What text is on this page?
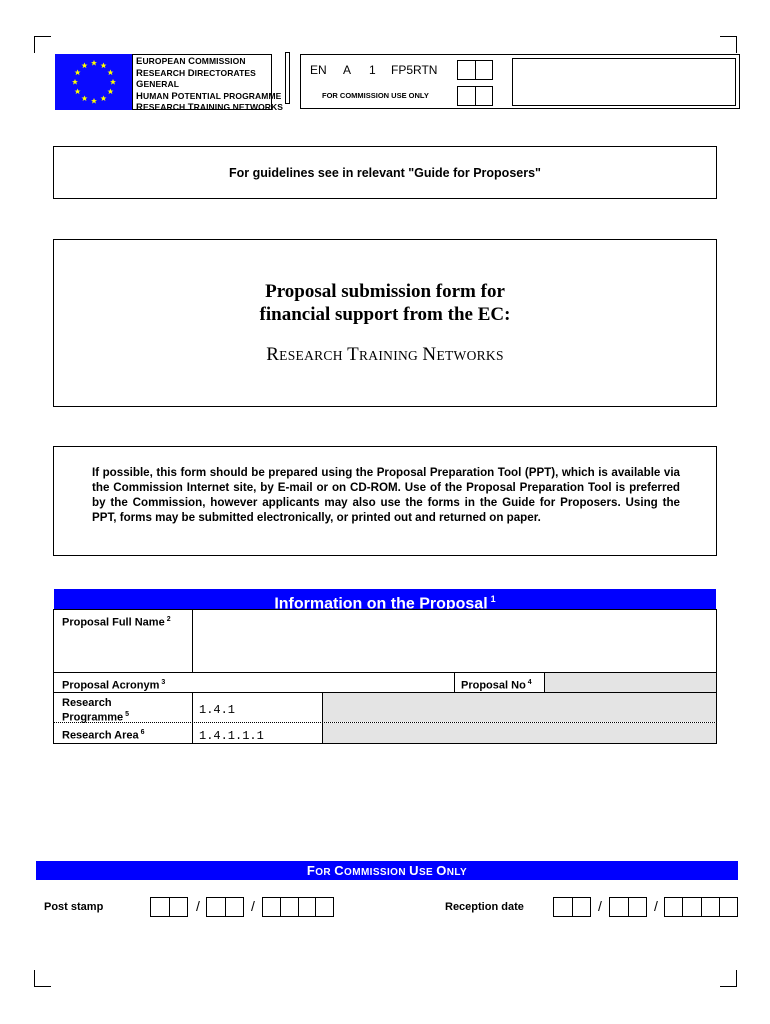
EUROPEAN COMMISSION
RESEARCH DIRECTORATES
GENERAL
HUMAN POTENTIAL PROGRAMME
RESEARCH TRAINING NETWORKS
EN A 1 FP5RTN
FOR COMMISSION USE ONLY
For guidelines see in relevant "Guide for Proposers"
Proposal submission form for
financial support from the EC:
RESEARCH TRAINING NETWORKS
If possible, this form should be prepared using the Proposal Preparation Tool (PPT), which is available via the Commission Internet site, by E-mail or on CD-ROM. Use of the Proposal Preparation Tool is preferred by the Commission, however applicants may also use the forms in the Guide for Proposers. Using the PPT, forms may be submitted electronically, or printed out and returned on paper.
Information on the Proposal $^1$
Proposal Full Name $^2$
Proposal Acronym $^3$	Proposal No $^4$
Research
Programme $^5$	1.4.1
Research Area $^6$	1.4.1.1.1
FOR COMMISSION USE ONLY
Post stamp	/	/	Reception date	/	/
